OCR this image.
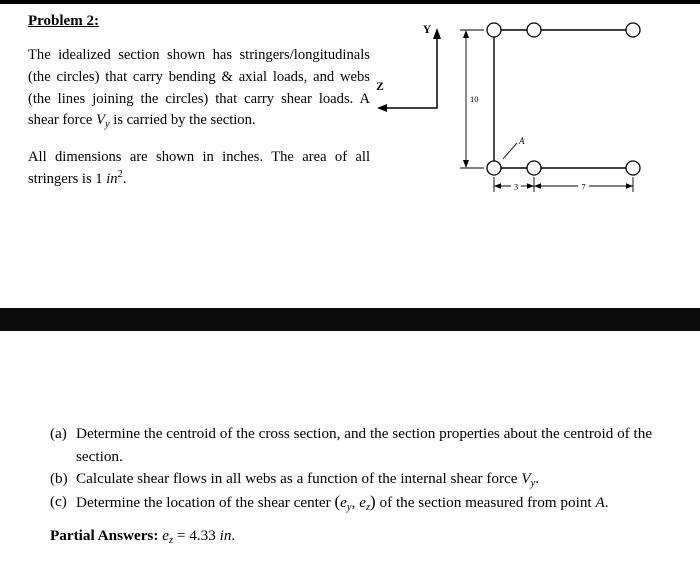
Problem 2:

The idealized section shown has stringers/longitudinals (the circles) that carry bending & axial loads, and webs (the lines joining the circles) that carry shear loads. A shear force $V_y$ is carried by the section.

All dimensions are shown in inches. The area of all stringers is 1 $in^2$.

Y
Z
10
A
3	7
(a) Determine the centroid of the cross section, and the section properties about the centroid of the section.
(b) Calculate shear flows in all webs as a function of the internal shear force $V_y$.
(c) Determine the location of the shear center ($e_y$, $e_z$) of the section measured from point A.
Partial Answers: $e_z = 4.33$ in.
